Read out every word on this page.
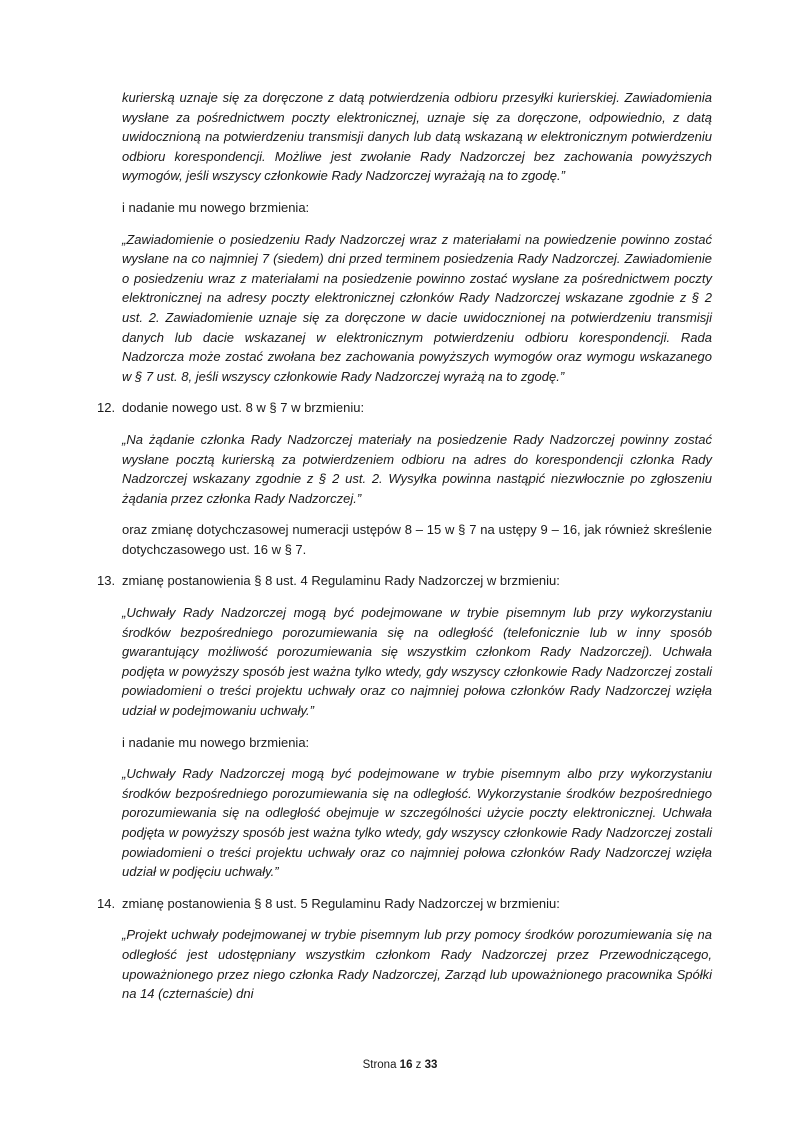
kurierską uznaje się za doręczone z datą potwierdzenia odbioru przesyłki kurierskiej. Zawiadomienia wysłane za pośrednictwem poczty elektronicznej, uznaje się za doręczone, odpowiednio, z datą uwidocznioną na potwierdzeniu transmisji danych lub datą wskazaną w elektronicznym potwierdzeniu odbioru korespondencji. Możliwe jest zwołanie Rady Nadzorczej bez zachowania powyższych wymogów, jeśli wszyscy członkowie Rady Nadzorczej wyrażają na to zgodę.”

i nadanie mu nowego brzmienia:

„Zawiadomienie o posiedzeniu Rady Nadzorczej wraz z materiałami na powiedzenie powinno zostać wysłane na co najmniej 7 (siedem) dni przed terminem posiedzenia Rady Nadzorczej. Zawiadomienie o posiedzeniu wraz z materiałami na posiedzenie powinno zostać wysłane za pośrednictwem poczty elektronicznej na adresy poczty elektronicznej członków Rady Nadzorczej wskazane zgodnie z § 2 ust. 2. Zawiadomienie uznaje się za doręczone w dacie uwidocznionej na potwierdzeniu transmisji danych lub dacie wskazanej w elektronicznym potwierdzeniu odbioru korespondencji. Rada Nadzorcza może zostać zwołana bez zachowania powyższych wymogów oraz wymogu wskazanego w § 7 ust. 8, jeśli wszyscy członkowie Rady Nadzorczej wyrażą na to zgodę.”

12. dodanie nowego ust. 8 w § 7 w brzmieniu:

„Na żądanie członka Rady Nadzorczej materiały na posiedzenie Rady Nadzorczej powinny zostać wysłane pocztą kurierską za potwierdzeniem odbioru na adres do korespondencji członka Rady Nadzorczej wskazany zgodnie z § 2 ust. 2. Wysyłka powinna nastąpić niezwłocznie po zgłoszeniu żądania przez członka Rady Nadzorczej.”

oraz zmianę dotychczasowej numeracji ustępów 8 – 15 w § 7 na ustępy 9 – 16, jak również skreślenie dotychczasowego ust. 16 w § 7.

13. zmianę postanowienia § 8 ust. 4 Regulaminu Rady Nadzorczej w brzmieniu:

„Uchwały Rady Nadzorczej mogą być podejmowane w trybie pisemnym lub przy wykorzystaniu środków bezpośredniego porozumiewania się na odległość (telefonicznie lub w inny sposób gwarantujący możliwość porozumiewania się wszystkim członkom Rady Nadzorczej). Uchwała podjęta w powyższy sposób jest ważna tylko wtedy, gdy wszyscy członkowie Rady Nadzorczej zostali powiadomieni o treści projektu uchwały oraz co najmniej połowa członków Rady Nadzorczej wzięła udział w podejmowaniu uchwały.”

i nadanie mu nowego brzmienia:

„Uchwały Rady Nadzorczej mogą być podejmowane w trybie pisemnym albo przy wykorzystaniu środków bezpośredniego porozumiewania się na odległość. Wykorzystanie środków bezpośredniego porozumiewania się na odległość obejmuje w szczególności użycie poczty elektronicznej. Uchwała podjęta w powyższy sposób jest ważna tylko wtedy, gdy wszyscy członkowie Rady Nadzorczej zostali powiadomieni o treści projektu uchwały oraz co najmniej połowa członków Rady Nadzorczej wzięła udział w podjęciu uchwały.”

14. zmianę postanowienia § 8 ust. 5 Regulaminu Rady Nadzorczej w brzmieniu:

„Projekt uchwały podejmowanej w trybie pisemnym lub przy pomocy środków porozumiewania się na odległość jest udostępniany wszystkim członkom Rady Nadzorczej przez Przewodniczącego, upoważnionego przez niego członka Rady Nadzorczej, Zarząd lub upoważnionego pracownika Spółki na 14 (czternaście) dni

Strona 16 z 33
